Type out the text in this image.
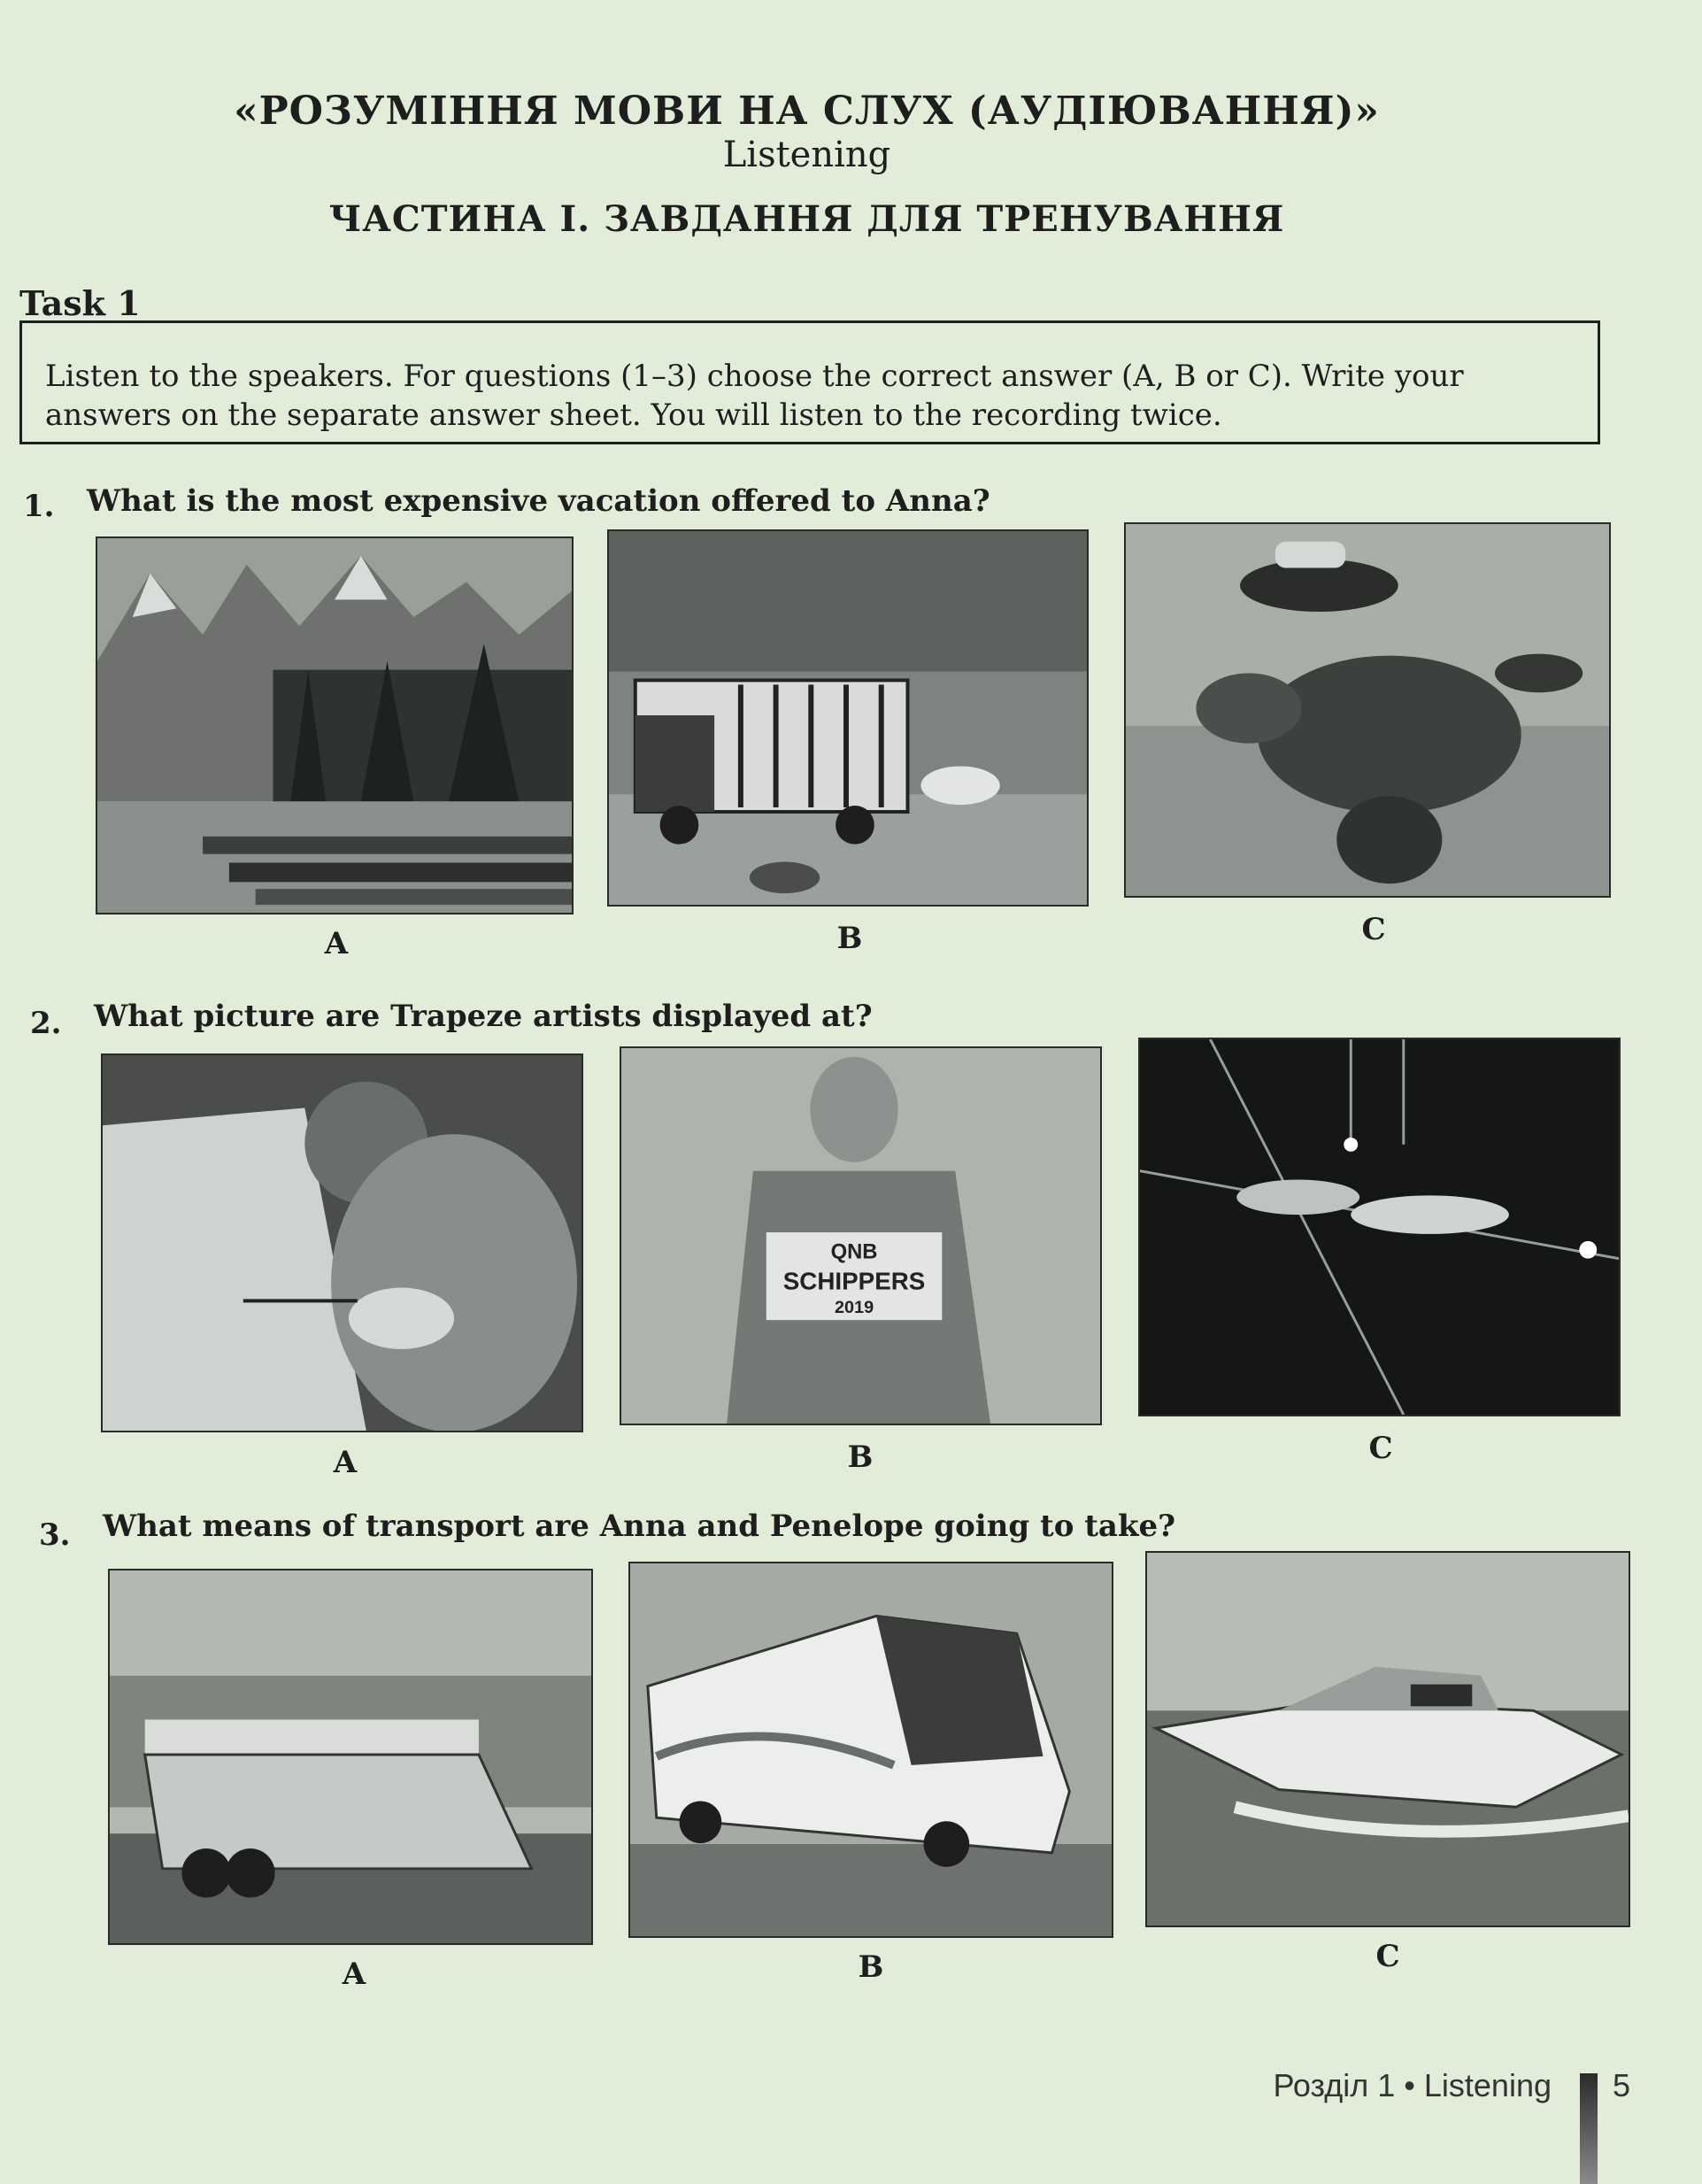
«РОЗУМІННЯ МОВИ НА СЛУХ (АУДІЮВАННЯ)»
Listening
ЧАСТИНА І. ЗАВДАННЯ ДЛЯ ТРЕНУВАННЯ
Task 1
Listen to the speakers. For questions (1–3) choose the correct answer (A, B or C). Write your
answers on the separate answer sheet. You will listen to the recording twice.
1. What is the most expensive vacation offered to Anna?
A	B	C
2. What picture are Trapeze artists displayed at?
A
QNB
SCHIPPERS
2019
B	C
3. What means of transport are Anna and Penelope going to take?
A	B	C
Розділ 1 • Listening 5
